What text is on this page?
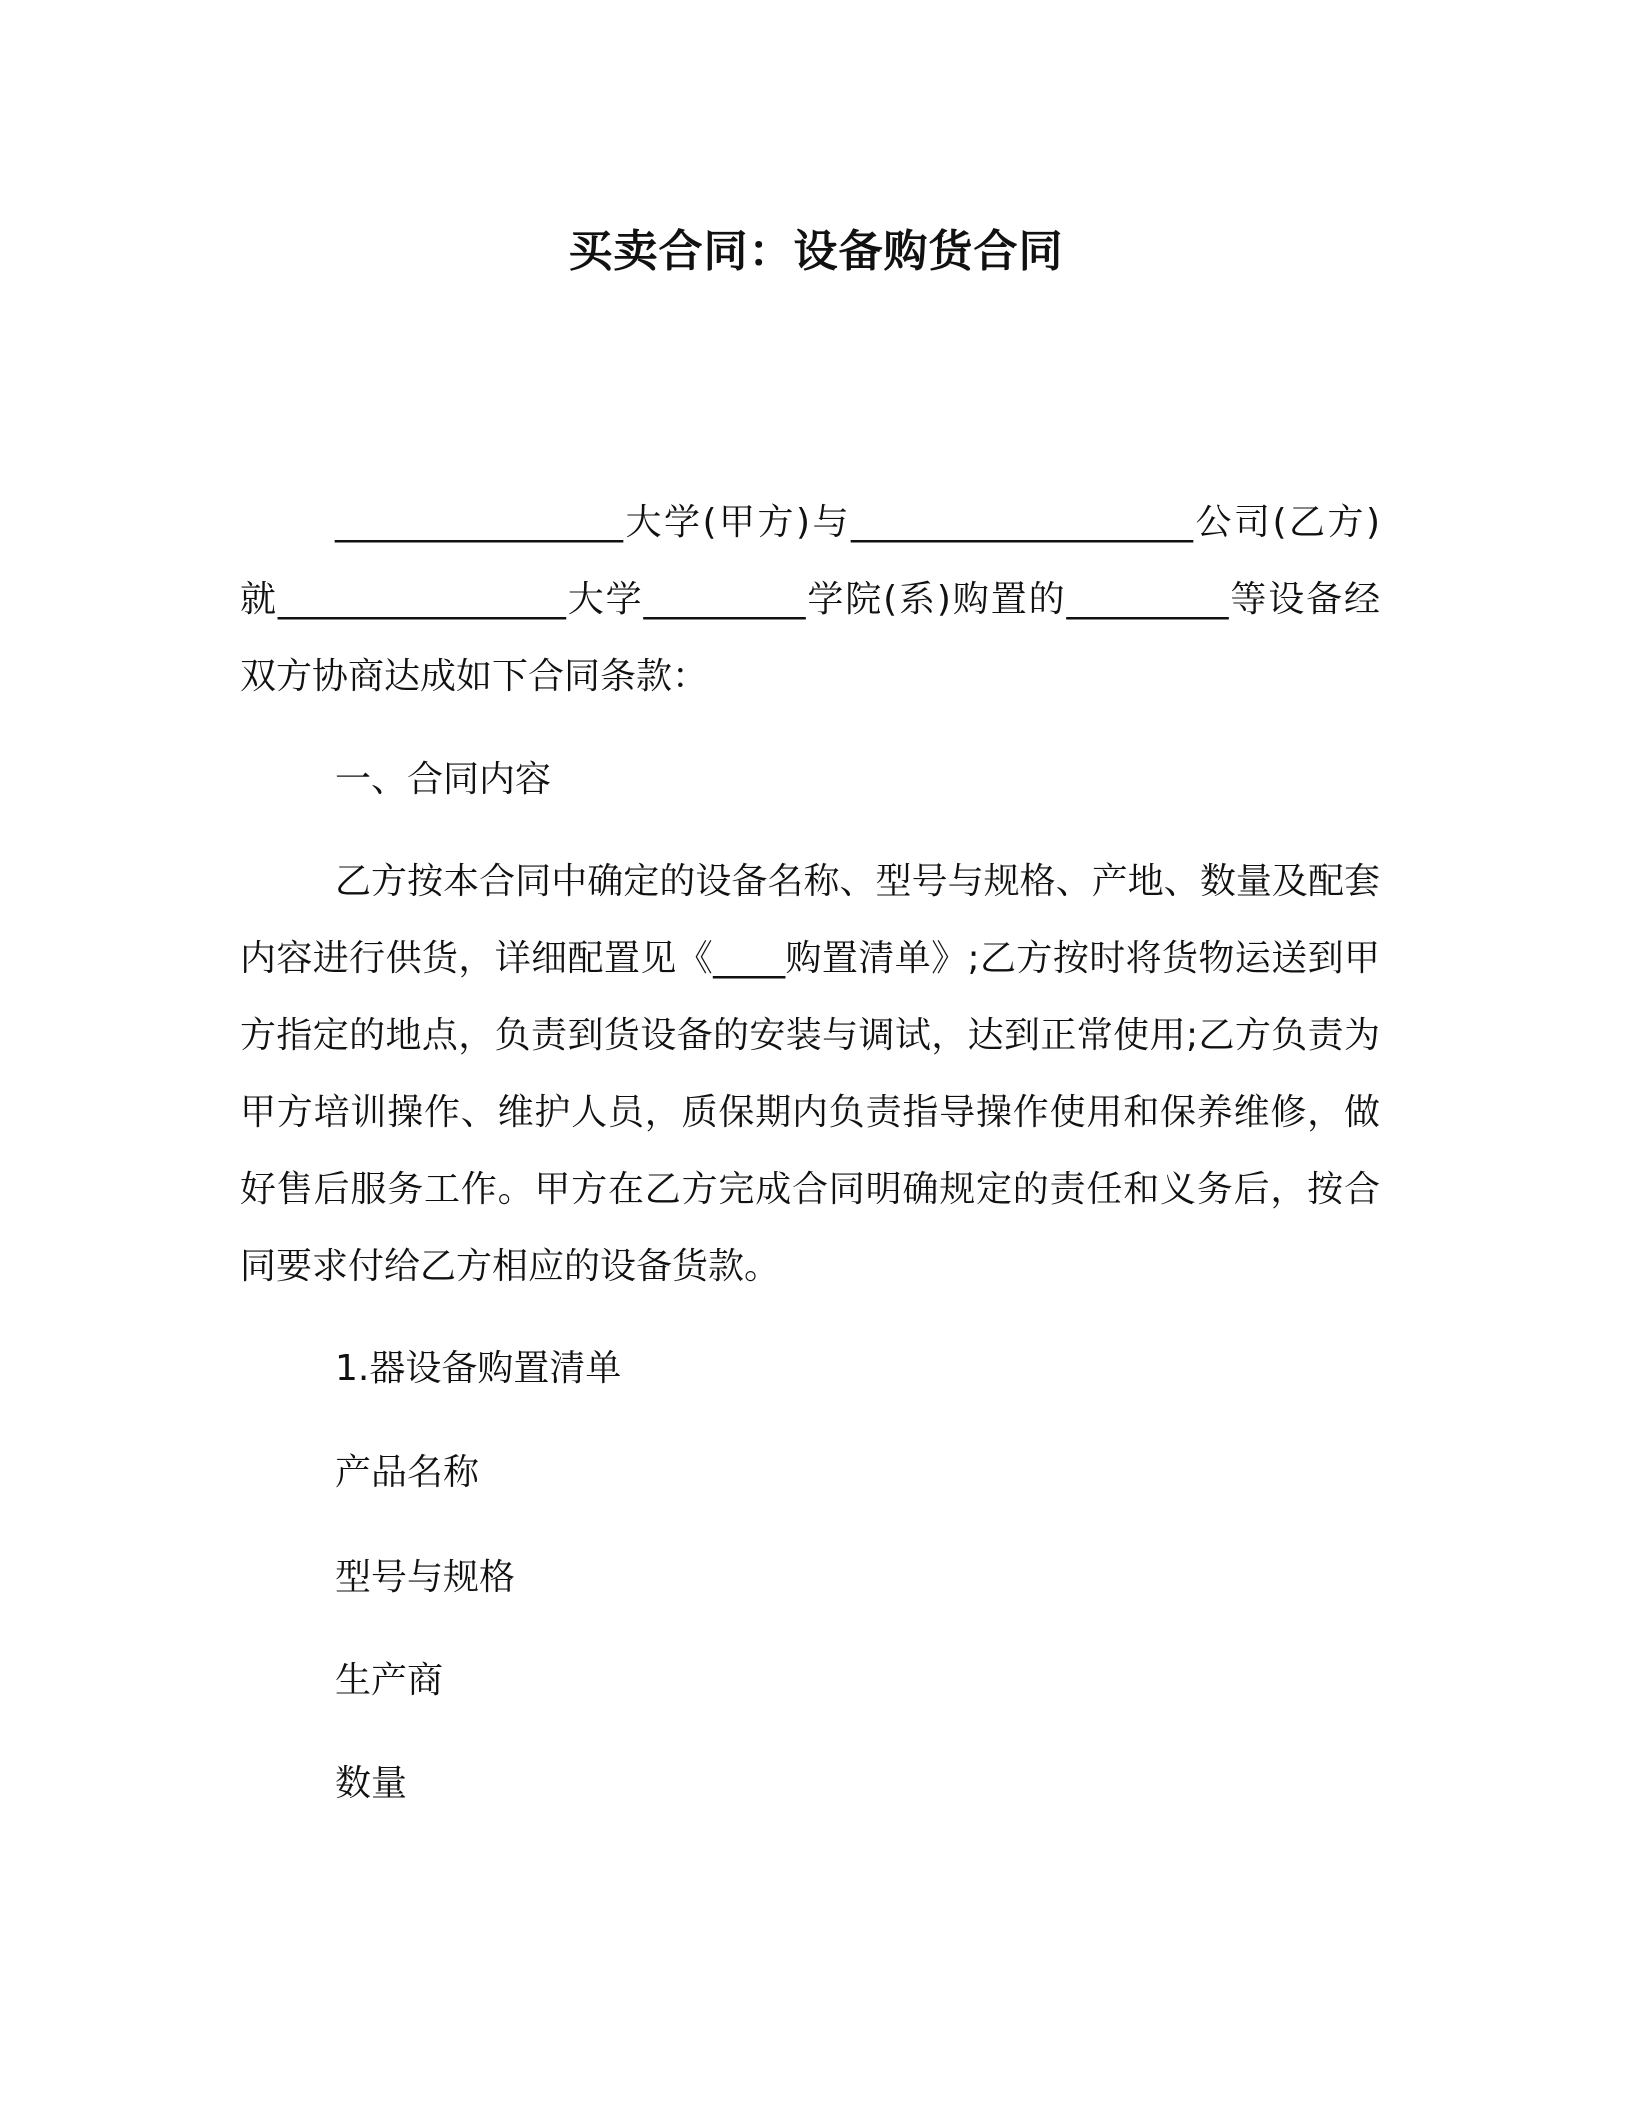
买卖合同：设备购货合同
________________大学(甲方)与___________________公司(乙方)就________________大学_________学院(系)购置的_________等设备经双方协商达成如下合同条款：
一、合同内容
乙方按本合同中确定的设备名称、型号与规格、产地、数量及配套内容进行供货，详细配置见《____购置清单》;乙方按时将货物运送到甲方指定的地点，负责到货设备的安装与调试，达到正常使用;乙方负责为甲方培训操作、维护人员，质保期内负责指导操作使用和保养维修，做好售后服务工作。甲方在乙方完成合同明确规定的责任和义务后，按合同要求付给乙方相应的设备货款。
1.器设备购置清单
产品名称
型号与规格
生产商
数量
